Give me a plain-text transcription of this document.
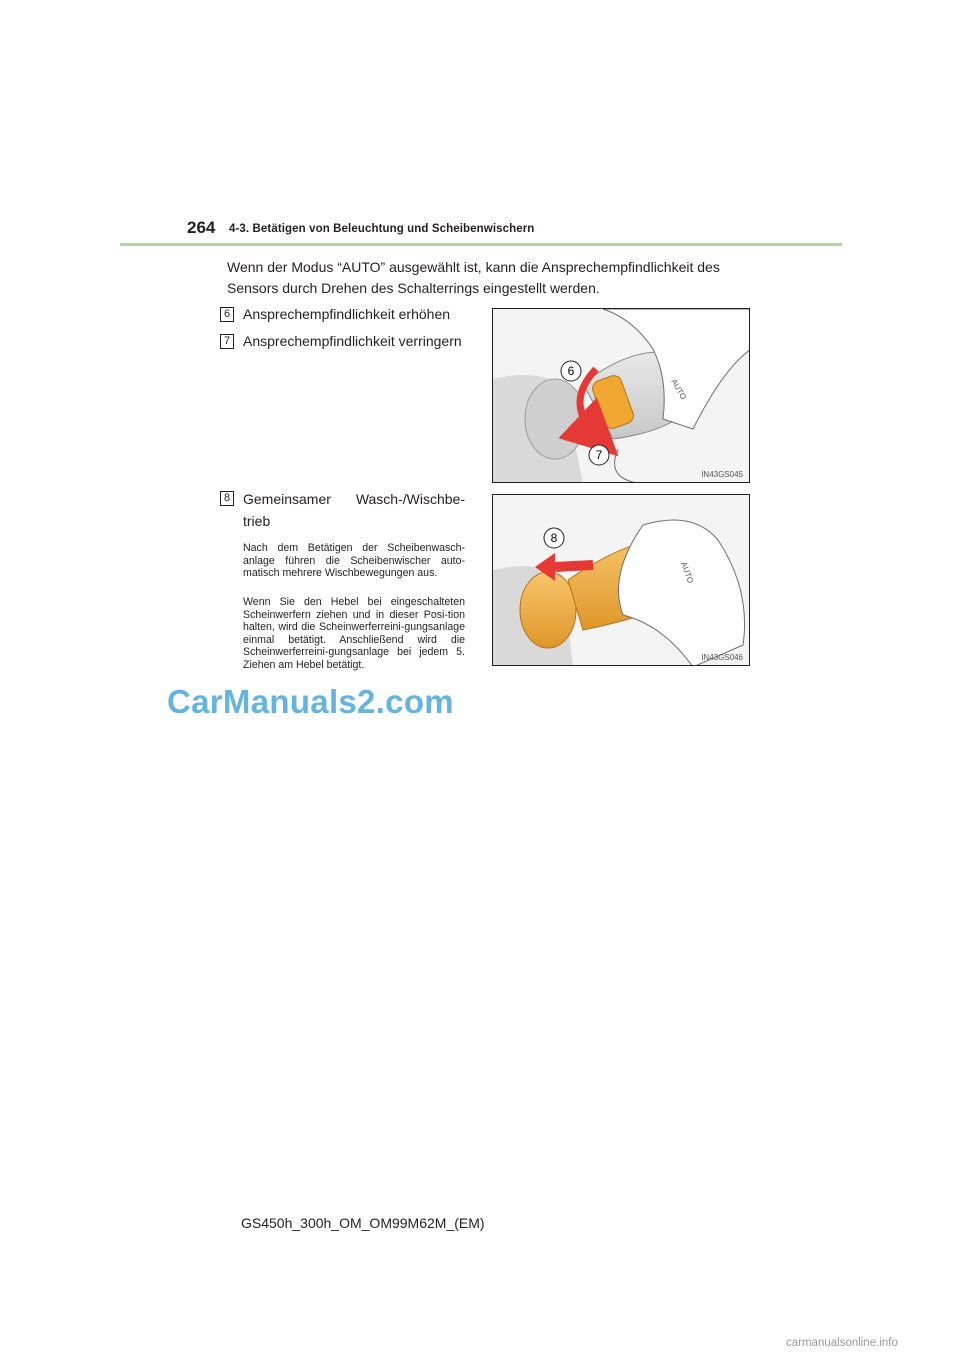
264 4-3. Betätigen von Beleuchtung und Scheibenwischern

Wenn der Modus “AUTO” ausgewählt ist, kann die Ansprechempfindlichkeit des Sensors durch Drehen des Schalterrings eingestellt werden.

6 Ansprechempfindlichkeit erhöhen
7 Ansprechempfindlichkeit verringern
8 Gemeinsamer Wasch-/Wischbe-trieb

Nach dem Betätigen der Scheibenwasch-anlage führen die Scheibenwischer auto-matisch mehrere Wischbewegungen aus.

Wenn Sie den Hebel bei eingeschalteten Scheinwerfern ziehen und in dieser Posi-tion halten, wird die Scheinwerferreini-gungsanlage einmal betätigt. Anschließend wird die Scheinwerferreini-gungsanlage bei jedem 5. Ziehen am Hebel betätigt.

AUTO
6
7
IN43GS045
AUTO
8
IN43GS046
CarManuals2.com
GS450h_300h_OM_OM99M62M_(EM)
carmanualsonline.info
